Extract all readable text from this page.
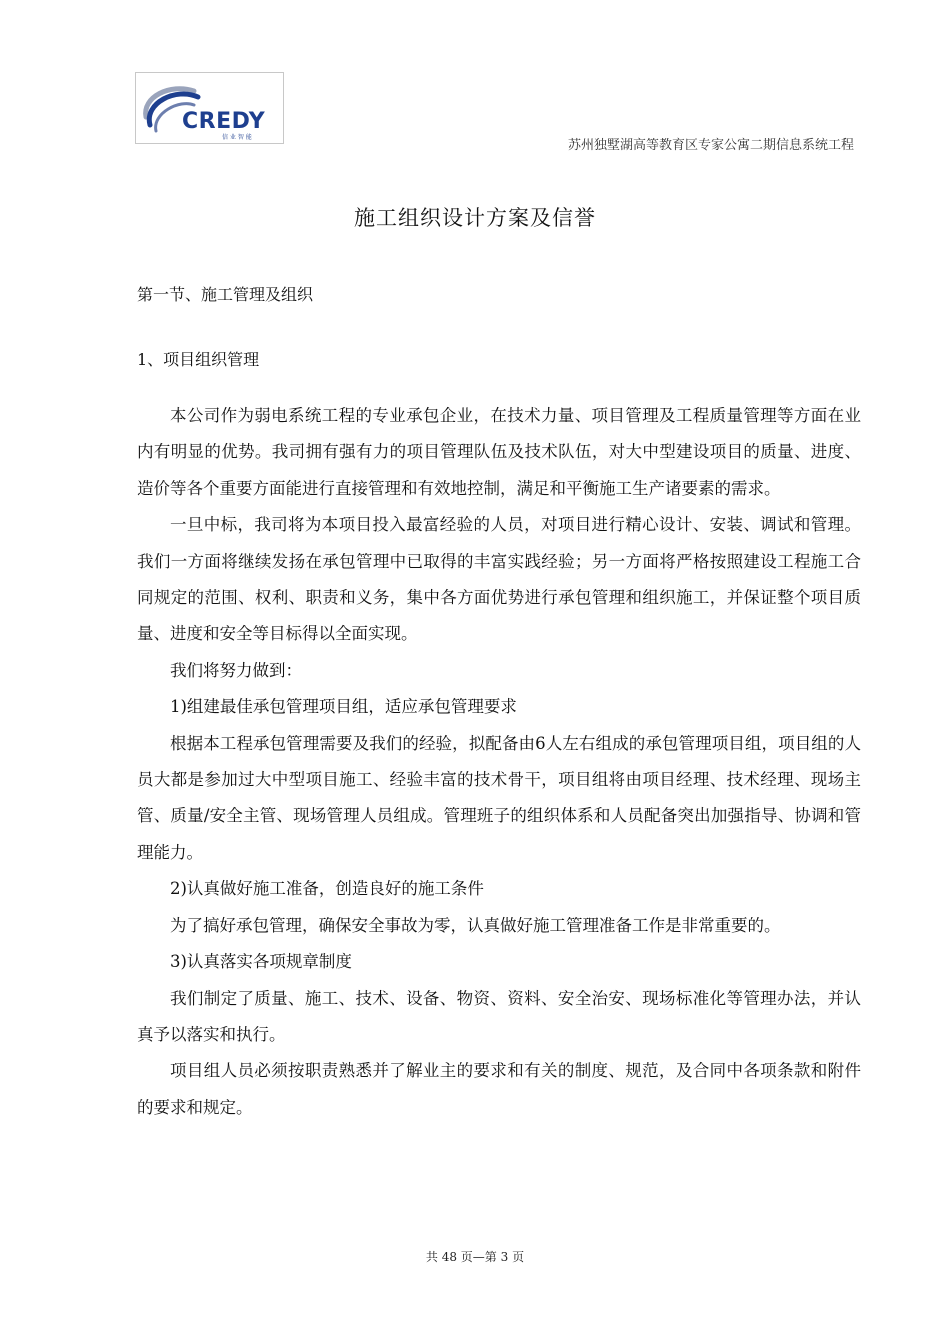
CREDY
信 业 智 能
苏州独墅湖高等教育区专家公寓二期信息系统工程
施工组织设计方案及信誉
第一节、施工管理及组织
1、项目组织管理

本公司作为弱电系统工程的专业承包企业，在技术力量、项目管理及工程质量管理等方面在业内有明显的优势。我司拥有强有力的项目管理队伍及技术队伍，对大中型建设项目的质量、进度、造价等各个重要方面能进行直接管理和有效地控制，满足和平衡施工生产诸要素的需求。

一旦中标，我司将为本项目投入最富经验的人员，对项目进行精心设计、安装、调试和管理。我们一方面将继续发扬在承包管理中已取得的丰富实践经验；另一方面将严格按照建设工程施工合同规定的范围、权利、职责和义务，集中各方面优势进行承包管理和组织施工，并保证整个项目质量、进度和安全等目标得以全面实现。

我们将努力做到：

1)组建最佳承包管理项目组，适应承包管理要求

根据本工程承包管理需要及我们的经验，拟配备由6人左右组成的承包管理项目组，项目组的人员大都是参加过大中型项目施工、经验丰富的技术骨干，项目组将由项目经理、技术经理、现场主管、质量/安全主管、现场管理人员组成。管理班子的组织体系和人员配备突出加强指导、协调和管理能力。

2)认真做好施工准备，创造良好的施工条件

为了搞好承包管理，确保安全事故为零，认真做好施工管理准备工作是非常重要的。

3)认真落实各项规章制度

我们制定了质量、施工、技术、设备、物资、资料、安全治安、现场标准化等管理办法，并认真予以落实和执行。

项目组人员必须按职责熟悉并了解业主的要求和有关的制度、规范，及合同中各项条款和附件的要求和规定。

共 48 页—第 3 页
